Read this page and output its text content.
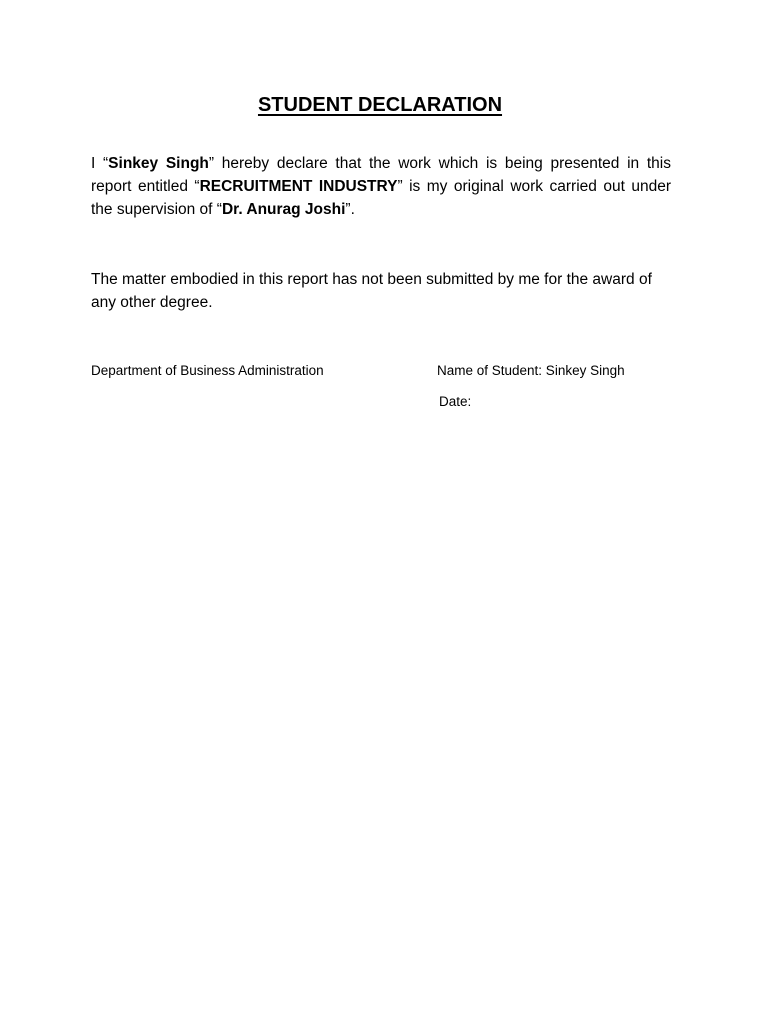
STUDENT DECLARATION

I “Sinkey Singh” hereby declare that the work which is being presented in this report entitled “RECRUITMENT INDUSTRY” is my original work carried out under the supervision of “Dr. Anurag Joshi”.

The matter embodied in this report has not been submitted by me for the award of any other degree.

Department of Business Administration	Name of Student: Sinkey Singh
Date:
